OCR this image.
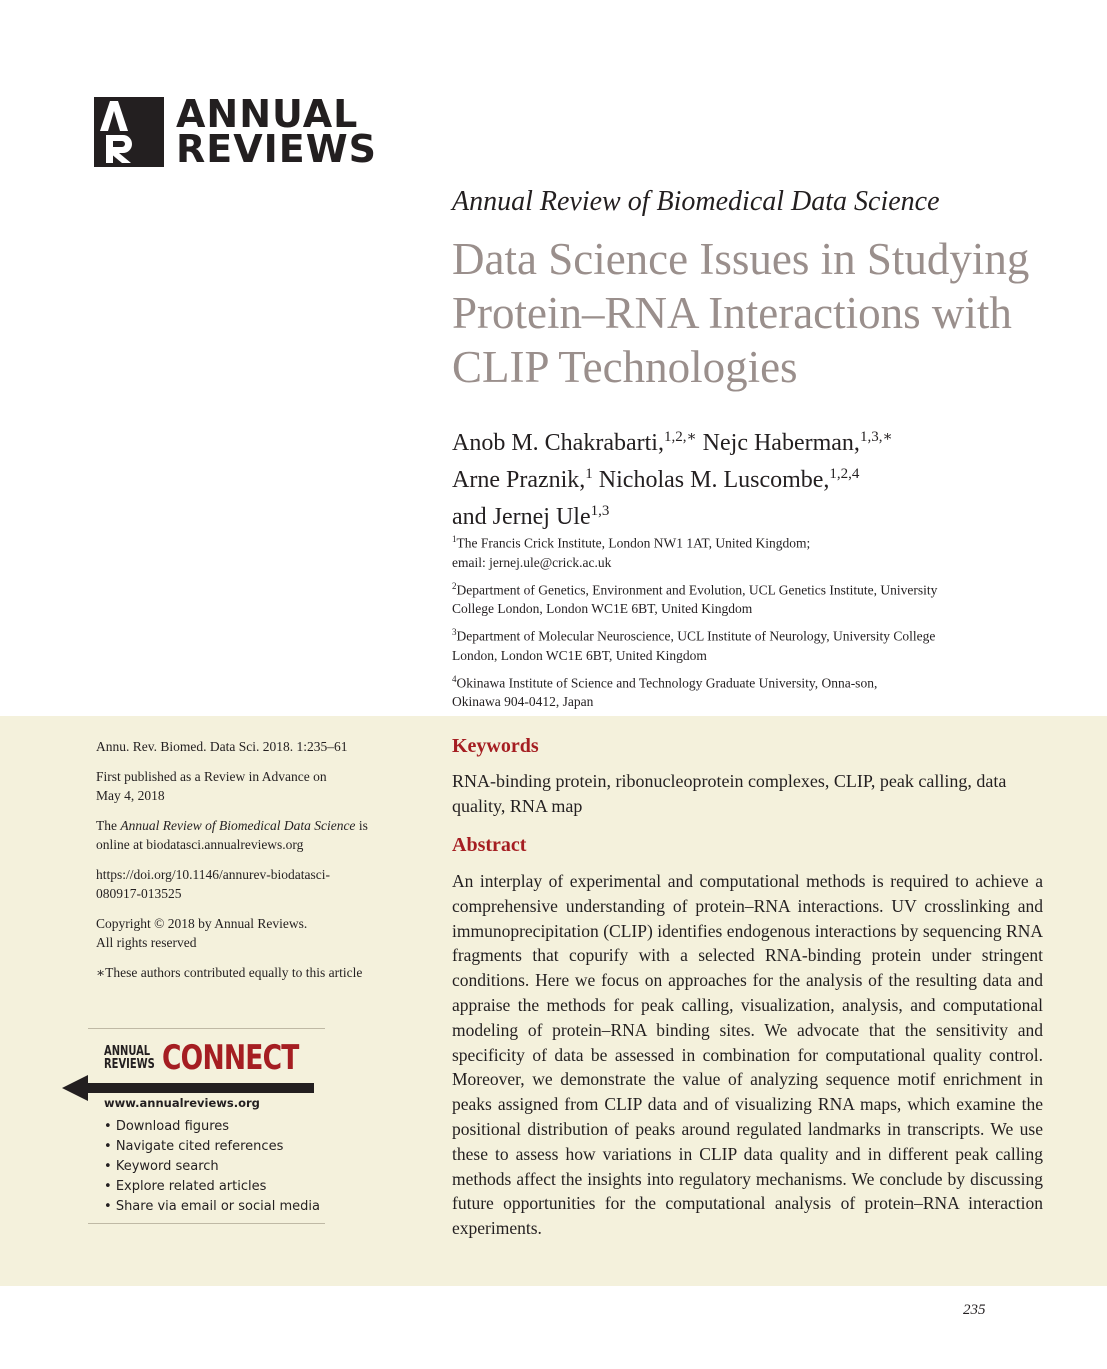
ANNUAL
REVIEWS
Annual Review of Biomedical Data Science
Data Science Issues in Studying Protein–RNA Interactions with CLIP Technologies
Anob M. Chakrabarti,$^{1,2,∗}$ Nejc Haberman,$^{1,3,∗}$
Arne Praznik,$^1$ Nicholas M. Luscombe,$^{1,2,4}$
and Jernej Ule$^{1,3}$
$^1$The Francis Crick Institute, London NW1 1AT, United Kingdom;
email: jernej.ule@crick.ac.uk
$^2$Department of Genetics, Environment and Evolution, UCL Genetics Institute, University
College London, London WC1E 6BT, United Kingdom
$^3$Department of Molecular Neuroscience, UCL Institute of Neurology, University College
London, London WC1E 6BT, United Kingdom
$^4$Okinawa Institute of Science and Technology Graduate University, Onna-son,
Okinawa 904-0412, Japan

Annu. Rev. Biomed. Data Sci. 2018. 1:235–61

First published as a Review in Advance on
May 4, 2018

The Annual Review of Biomedical Data Science is
online at biodatasci.annualreviews.org

https://doi.org/10.1146/annurev-biodatasci-
080917-013525

Copyright © 2018 by Annual Reviews.
All rights reserved

∗These authors contributed equally to this article

ANNUAL
REVIEWS CONNECT
www.annualreviews.org
• Download figures
• Navigate cited references
• Keyword search
• Explore related articles
• Share via email or social media
Keywords
RNA-binding protein, ribonucleoprotein complexes, CLIP, peak calling, data quality, RNA map
Abstract
An interplay of experimental and computational methods is required to achieve a comprehensive understanding of protein–RNA interactions. UV crosslinking and immunoprecipitation (CLIP) identifies endogenous interactions by sequencing RNA fragments that copurify with a selected RNA-binding protein under stringent conditions. Here we focus on approaches for the analysis of the resulting data and appraise the methods for peak calling, visualization, analysis, and computational modeling of protein–RNA binding sites. We advocate that the sensitivity and specificity of data be assessed in combination for computational quality control. Moreover, we demonstrate the value of analyzing sequence motif enrichment in peaks assigned from CLIP data and of visualizing RNA maps, which examine the positional distribution of peaks around regulated landmarks in transcripts. We use these to assess how variations in CLIP data quality and in different peak calling methods affect the insights into regulatory mechanisms. We conclude by discussing future opportunities for the computational analysis of protein–RNA interaction experiments.
235
